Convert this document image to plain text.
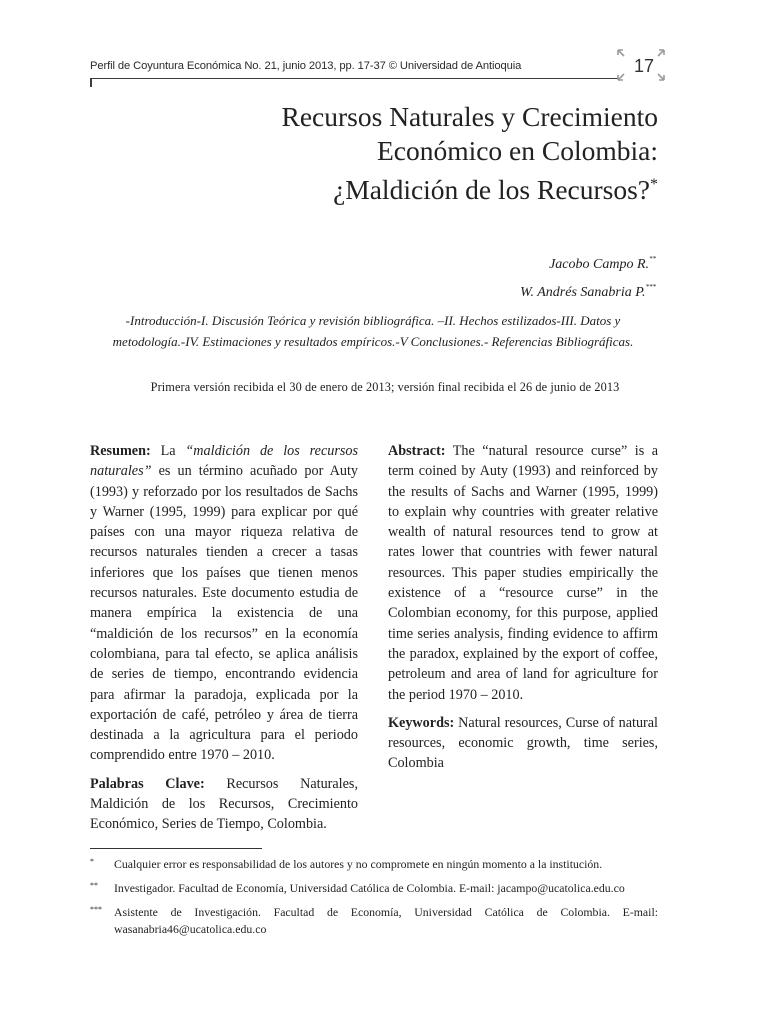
Perfil de Coyuntura Económica No. 21, junio 2013, pp. 17-37 © Universidad de Antioquia	17
Recursos Naturales y Crecimiento
Económico en Colombia:
¿Maldición de los Recursos?*
Jacobo Campo R.**
W. Andrés Sanabria P.***
-Introducción-I. Discusión Teórica y revisión bibliográfica. –II. Hechos estilizados-III. Datos y metodología.-IV. Estimaciones y resultados empíricos.-V Conclusiones.- Referencias Bibliográficas.
Primera versión recibida el 30 de enero de 2013; versión final recibida el 26 de junio de 2013

Resumen: La “maldición de los recursos naturales” es un término acuñado por Auty (1993) y reforzado por los resultados de Sachs y Warner (1995, 1999) para explicar por qué países con una mayor riqueza relativa de recursos naturales tienden a crecer a tasas inferiores que los países que tienen menos recursos naturales. Este documento estudia de manera empírica la existencia de una “maldición de los recursos” en la economía colombiana, para tal efecto, se aplica análisis de series de tiempo, encontrando evidencia para afirmar la paradoja, explicada por la exportación de café, petróleo y área de tierra destinada a la agricultura para el periodo comprendido entre 1970 – 2010.

Palabras Clave: Recursos Naturales, Maldición de los Recursos, Crecimiento Económico, Series de Tiempo, Colombia.

Abstract: The “natural resource curse” is a term coined by Auty (1993) and reinforced by the results of Sachs and Warner (1995, 1999) to explain why countries with greater relative wealth of natural resources tend to grow at rates lower that countries with fewer natural resources. This paper studies empirically the existence of a “resource curse” in the Colombian economy, for this purpose, applied time series analysis, finding evidence to affirm the paradox, explained by the export of coffee, petroleum and area of land for agriculture for the period 1970 – 2010.

Keywords: Natural resources, Curse of natural resources, economic growth, time series, Colombia

* Cualquier error es responsabilidad de los autores y no compromete en ningún momento a la institución.
** Investigador. Facultad de Economía, Universidad Católica de Colombia. E-mail: jacampo@ucatolica.edu.co
*** Asistente de Investigación. Facultad de Economía, Universidad Católica de Colombia. E-mail: wasanabria46@ucatolica.edu.co
